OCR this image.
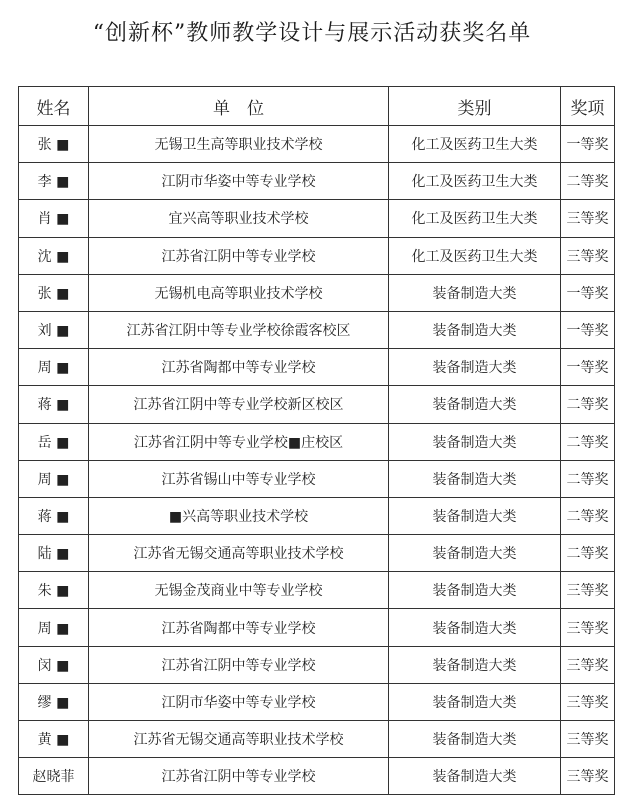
“创新杯”教师教学设计与展示活动获奖名单
姓名	单　位	类别	奖项
张 ■	无锡卫生高等职业技术学校	化工及医药卫生大类	一等奖
李 ■	江阴市华姿中等专业学校	化工及医药卫生大类	二等奖
肖 ■	宜兴高等职业技术学校	化工及医药卫生大类	三等奖
沈 ■	江苏省江阴中等专业学校	化工及医药卫生大类	三等奖
张 ■	无锡机电高等职业技术学校	装备制造大类	一等奖
刘 ■	江苏省江阴中等专业学校徐霞客校区	装备制造大类	一等奖
周 ■	江苏省陶都中等专业学校	装备制造大类	一等奖
蒋 ■	江苏省江阴中等专业学校新区校区	装备制造大类	二等奖
岳 ■	江苏省江阴中等专业学校■庄校区	装备制造大类	二等奖
周 ■	江苏省锡山中等专业学校	装备制造大类	二等奖
蒋 ■	■兴高等职业技术学校	装备制造大类	二等奖
陆 ■	江苏省无锡交通高等职业技术学校	装备制造大类	二等奖
朱 ■	无锡金茂商业中等专业学校	装备制造大类	三等奖
周 ■	江苏省陶都中等专业学校	装备制造大类	三等奖
闵 ■	江苏省江阴中等专业学校	装备制造大类	三等奖
缪 ■	江阴市华姿中等专业学校	装备制造大类	三等奖
黄 ■	江苏省无锡交通高等职业技术学校	装备制造大类	三等奖
赵晓菲	江苏省江阴中等专业学校	装备制造大类	三等奖
